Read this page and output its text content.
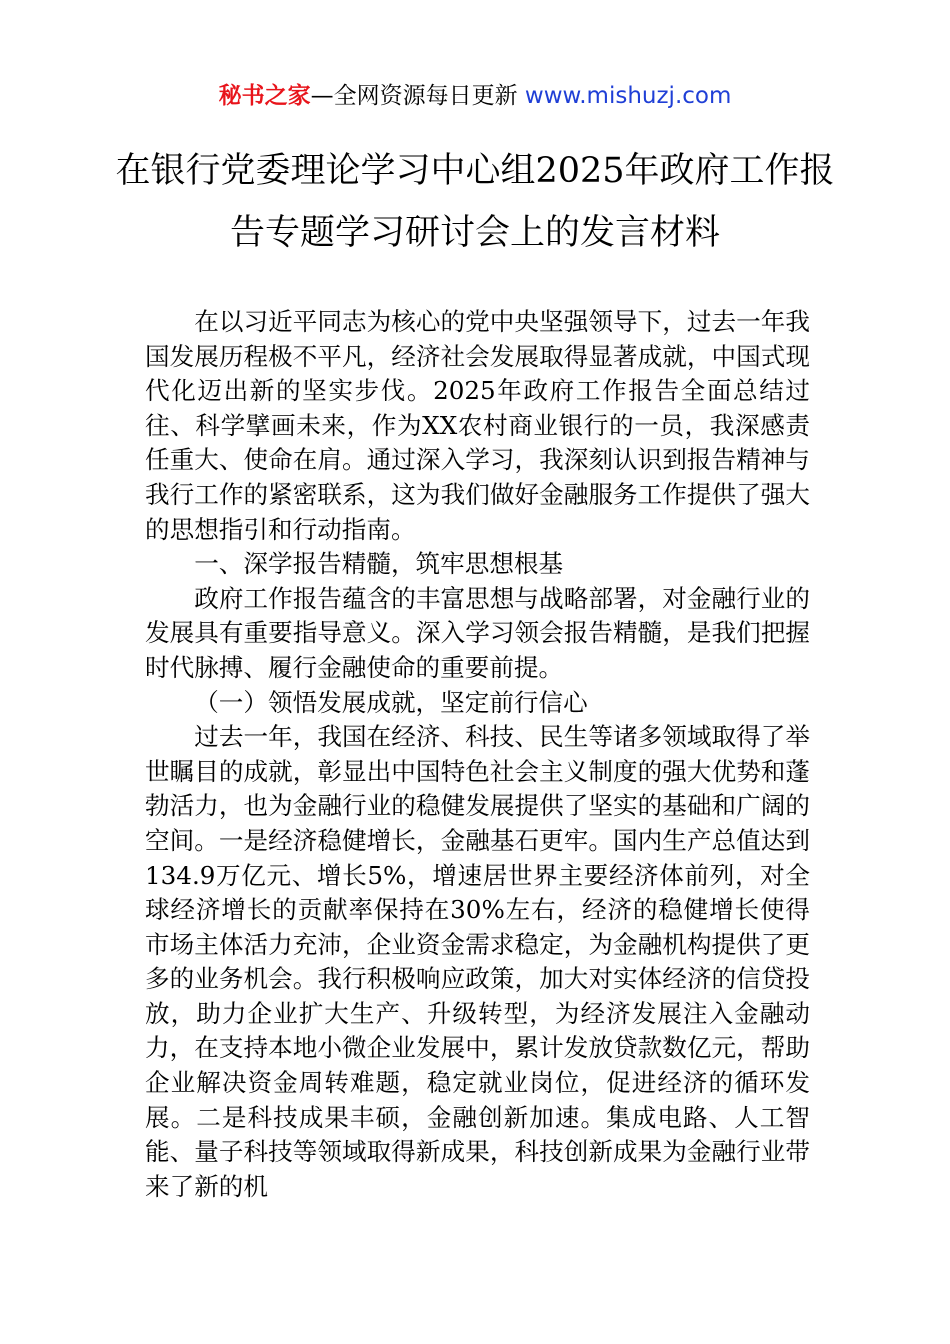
秘书之家—全网资源每日更新 www.mishuzj.com
在银行党委理论学习中心组2025年政府工作报告专题学习研讨会上的发言材料

在以习近平同志为核心的党中央坚强领导下，过去一年我国发展历程极不平凡，经济社会发展取得显著成就，中国式现代化迈出新的坚实步伐。2025年政府工作报告全面总结过往、科学擘画未来，作为XX农村商业银行的一员，我深感责任重大、使命在肩。通过深入学习，我深刻认识到报告精神与我行工作的紧密联系，这为我们做好金融服务工作提供了强大的思想指引和行动指南。

一、深学报告精髓，筑牢思想根基

政府工作报告蕴含的丰富思想与战略部署，对金融行业的发展具有重要指导意义。深入学习领会报告精髓，是我们把握时代脉搏、履行金融使命的重要前提。

（一）领悟发展成就，坚定前行信心

过去一年，我国在经济、科技、民生等诸多领域取得了举世瞩目的成就，彰显出中国特色社会主义制度的强大优势和蓬勃活力，也为金融行业的稳健发展提供了坚实的基础和广阔的空间。一是经济稳健增长，金融基石更牢。国内生产总值达到134.9万亿元、增长5%，增速居世界主要经济体前列，对全球经济增长的贡献率保持在30%左右，经济的稳健增长使得市场主体活力充沛，企业资金需求稳定，为金融机构提供了更多的业务机会。我行积极响应政策，加大对实体经济的信贷投放，助力企业扩大生产、升级转型，为经济发展注入金融动力，在支持本地小微企业发展中，累计发放贷款数亿元，帮助企业解决资金周转难题，稳定就业岗位，促进经济的循环发展。二是科技成果丰硕，金融创新加速。集成电路、人工智能、量子科技等领域取得新成果，科技创新成果为金融行业带来了新的机
